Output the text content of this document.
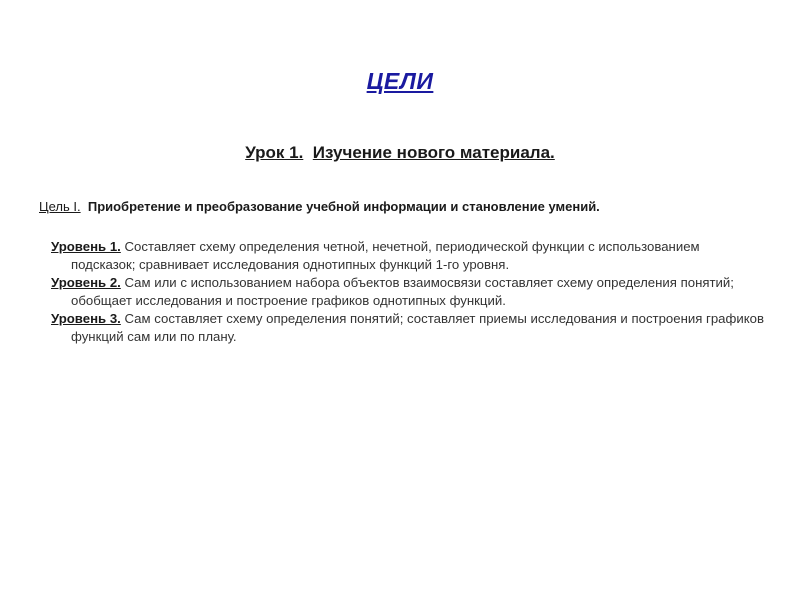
ЦЕЛИ
Урок 1. Изучение нового материала.
Цель I. Приобретение и преобразование учебной информации и становление умений.

Уровень 1. Составляет схему определения четной, нечетной, периодической функции с использованием подсказок; сравнивает исследования однотипных функций 1-го уровня.

Уровень 2. Сам или с использованием набора объектов взаимосвязи составляет схему определения понятий; обобщает исследования и построение графиков однотипных функций.

Уровень 3. Сам составляет схему определения понятий; составляет приемы исследования и построения графиков функций сам или по плану.
